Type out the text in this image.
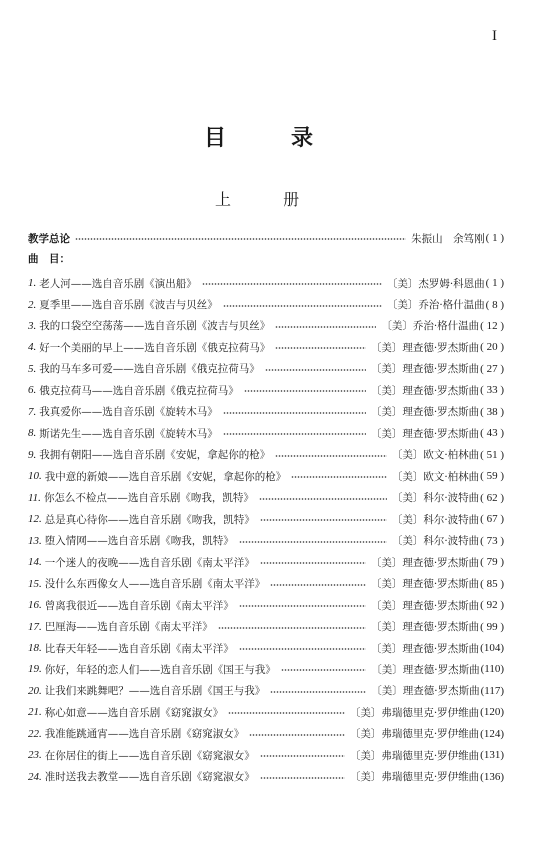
I
目　　录
上　　册
教学总论	朱振山　余笃刚 ( 1 )
曲　目：
1. 老人河——选自音乐剧《演出船》	〔美〕杰罗姆·科恩曲 ( 1 )
2. 夏季里——选自音乐剧《波吉与贝丝》	〔美〕乔治·格什温曲 ( 8 )
3. 我的口袋空空荡荡——选自音乐剧《波吉与贝丝》	〔美〕乔治·格什温曲 ( 12 )
4. 好一个美丽的早上——选自音乐剧《俄克拉荷马》	〔美〕理查德·罗杰斯曲 ( 20 )
5. 我的马车多可爱——选自音乐剧《俄克拉荷马》	〔美〕理查德·罗杰斯曲 ( 27 )
6. 俄克拉荷马——选自音乐剧《俄克拉荷马》	〔美〕理查德·罗杰斯曲 ( 33 )
7. 我真爱你——选自音乐剧《旋转木马》	〔美〕理查德·罗杰斯曲 ( 38 )
8. 斯诺先生——选自音乐剧《旋转木马》	〔美〕理查德·罗杰斯曲 ( 43 )
9. 我拥有朝阳——选自音乐剧《安妮，拿起你的枪》	〔美〕欧文·柏林曲 ( 51 )
10. 我中意的新娘——选自音乐剧《安妮，拿起你的枪》	〔美〕欧文·柏林曲 ( 59 )
11. 你怎么不检点——选自音乐剧《吻我，凯特》	〔美〕科尔·波特曲 ( 62 )
12. 总是真心待你——选自音乐剧《吻我，凯特》	〔美〕科尔·波特曲 ( 67 )
13. 堕入情网——选自音乐剧《吻我，凯特》	〔美〕科尔·波特曲 ( 73 )
14. 一个迷人的夜晚——选自音乐剧《南太平洋》	〔美〕理查德·罗杰斯曲 ( 79 )
15. 没什么东西像女人——选自音乐剧《南太平洋》	〔美〕理查德·罗杰斯曲 ( 85 )
16. 曾离我很近——选自音乐剧《南太平洋》	〔美〕理查德·罗杰斯曲 ( 92 )
17. 巴厘海——选自音乐剧《南太平洋》	〔美〕理查德·罗杰斯曲 ( 99 )
18. 比春天年轻——选自音乐剧《南太平洋》	〔美〕理查德·罗杰斯曲 (104)
19. 你好，年轻的恋人们——选自音乐剧《国王与我》	〔美〕理查德·罗杰斯曲 (110)
20. 让我们来跳舞吧？——选自音乐剧《国王与我》	〔美〕理查德·罗杰斯曲 (117)
21. 称心如意——选自音乐剧《窈窕淑女》	〔美〕弗瑞德里克·罗伊维曲 (120)
22. 我准能跳通宵——选自音乐剧《窈窕淑女》	〔美〕弗瑞德里克·罗伊维曲 (124)
23. 在你居住的街上——选自音乐剧《窈窕淑女》	〔美〕弗瑞德里克·罗伊维曲 (131)
24. 准时送我去教堂——选自音乐剧《窈窕淑女》	〔美〕弗瑞德里克·罗伊维曲 (136)
